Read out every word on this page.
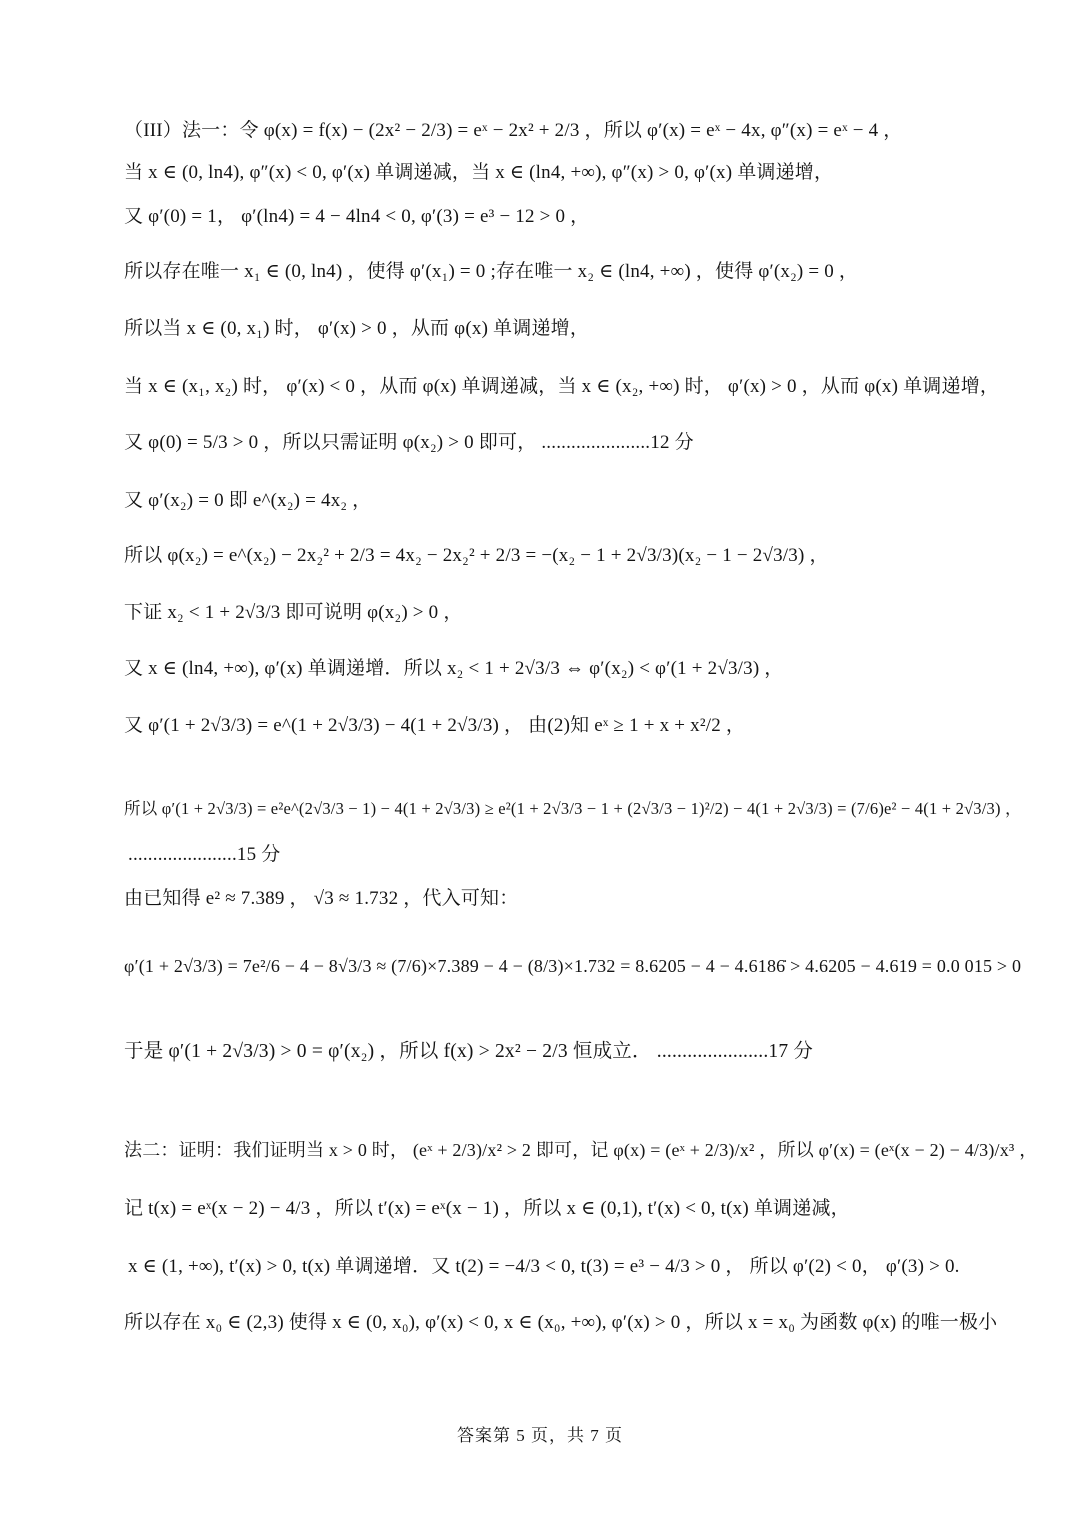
（III）法一：令 φ(x) = f(x) − (2x² − 2/3) = eˣ − 2x² + 2/3 ，所以 φ′(x) = eˣ − 4x, φ″(x) = eˣ − 4 ，
当 x ∈ (0, ln4), φ″(x) < 0, φ′(x) 单调递减，当 x ∈ (ln4, +∞), φ″(x) > 0, φ′(x) 单调递增，
又 φ′(0) = 1， φ′(ln4) = 4 − 4ln4 < 0, φ′(3) = e³ − 12 > 0 ，
所以存在唯一 x₁ ∈ (0, ln4) ，使得 φ′(x₁) = 0 ;存在唯一 x₂ ∈ (ln4, +∞) ，使得 φ′(x₂) = 0 ，
所以当 x ∈ (0, x₁) 时， φ′(x) > 0 ，从而 φ(x) 单调递增，
当 x ∈ (x₁, x₂) 时， φ′(x) < 0 ，从而 φ(x) 单调递减，当 x ∈ (x₂, +∞) 时， φ′(x) > 0 ，从而 φ(x) 单调递增，
又 φ(0) = 5/3 > 0 ，所以只需证明 φ(x₂) > 0 即可， ......................12 分
又 φ′(x₂) = 0 即 e^(x₂) = 4x₂ ，
所以 φ(x₂) = e^(x₂) − 2x₂² + 2/3 = 4x₂ − 2x₂² + 2/3 = −(x₂ − 1 + 2√3/3)(x₂ − 1 − 2√3/3) ，
下证 x₂ < 1 + 2√3/3 即可说明 φ(x₂) > 0 ，
又 x ∈ (ln4, +∞), φ′(x) 单调递增．所以 x₂ < 1 + 2√3/3 ⇔ φ′(x₂) < φ′(1 + 2√3/3) ，
又 φ′(1 + 2√3/3) = e^(1 + 2√3/3) − 4(1 + 2√3/3) ， 由(2)知 eˣ ≥ 1 + x + x²/2 ，
所以 φ′(1 + 2√3/3) = e²e^(2√3/3 − 1) − 4(1 + 2√3/3) ≥ e²(1 + 2√3/3 − 1 + (2√3/3 − 1)²/2) − 4(1 + 2√3/3) = (7/6)e² − 4(1 + 2√3/3) ，
......................15 分
由已知得 e² ≈ 7.389 ， √3 ≈ 1.732 ，代入可知：
φ′(1 + 2√3/3) = 7e²/6 − 4 − 8√3/3 ≈ (7/6)×7.389 − 4 − (8/3)×1.732 = 8.6205 − 4 − 4.6186̇ > 4.6205 − 4.619 = 0.0 015 > 0
于是 φ′(1 + 2√3/3) > 0 = φ′(x₂) ，所以 f(x) > 2x² − 2/3 恒成立． ......................17 分
法二：证明：我们证明当 x > 0 时， (eˣ + 2/3)/x² > 2 即可，记 φ(x) = (eˣ + 2/3)/x² ，所以 φ′(x) = (eˣ(x − 2) − 4/3)/x³ ，
记 t(x) = eˣ(x − 2) − 4/3 ，所以 t′(x) = eˣ(x − 1) ，所以 x ∈ (0,1), t′(x) < 0, t(x) 单调递减，
x ∈ (1, +∞), t′(x) > 0, t(x) 单调递增．又 t(2) = −4/3 < 0, t(3) = e³ − 4/3 > 0 ， 所以 φ′(2) < 0， φ′(3) > 0.
所以存在 x₀ ∈ (2,3) 使得 x ∈ (0, x₀), φ′(x) < 0, x ∈ (x₀, +∞), φ′(x) > 0 ，所以 x = x₀ 为函数 φ(x) 的唯一极小
答案第 5 页，共 7 页
